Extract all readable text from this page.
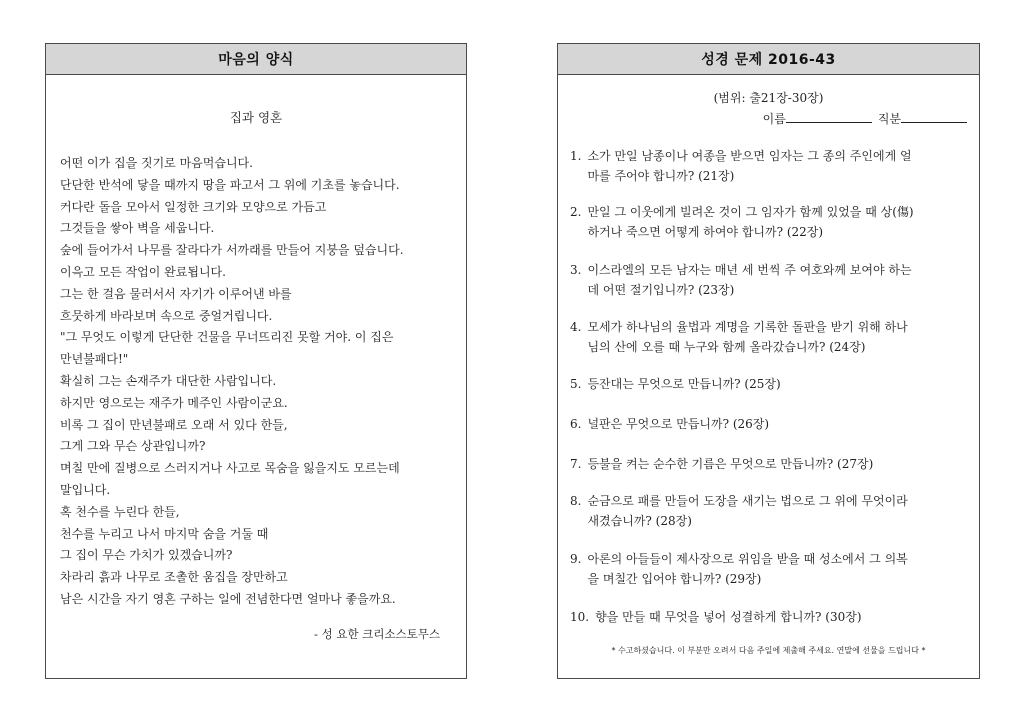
마음의 양식
집과 영혼
어떤 이가 집을 짓기로 마음먹습니다.
단단한 반석에 닿을 때까지 땅을 파고서 그 위에 기초를 놓습니다.
커다란 돌을 모아서 일정한 크기와 모양으로 가듬고
그것들을 쌓아 벽을 세웁니다.
숲에 들어가서 나무를 잘라다가 서까래를 만들어 지붕을 덮습니다.
이윽고 모든 작업이 완료됩니다.
그는 한 걸음 물러서서 자기가 이루어낸 바를
흐뭇하게 바라보며 속으로 중얼거립니다.
"그 무엇도 이렇게 단단한 건물을 무너뜨리진 못할 거야. 이 집은
만년불패다!"
확실히 그는 손재주가 대단한 사람입니다.
하지만 영으로는 재주가 메주인 사람이군요.
비록 그 집이 만년불패로 오래 서 있다 한들,
그게 그와 무슨 상관입니까?
며칠 만에 질병으로 스러지거나 사고로 목숨을 잃을지도 모르는데
말입니다.
혹 천수를 누린다 한들,
천수를 누리고 나서 마지막 숨을 거둘 때
그 집이 무슨 가치가 있겠습니까?
차라리 흙과 나무로 조촐한 움집을 장만하고
남은 시간을 자기 영혼 구하는 일에 전념한다면 얼마나 좋을까요.

- 성 요한 크리소스토무스

성경 문제 2016-43

(범위: 출21장-30장)

이름	직분

1. 소가 만일 남종이나 여종을 받으면 임자는 그 종의 주인에게 얼

마를 주어야 합니까? (21장)

2. 만일 그 이웃에게 빌려온 것이 그 임자가 함께 있었을 때 상(傷)

하거나 죽으면 어떻게 하여야 합니까? (22장)

3. 이스라엘의 모든 남자는 매년 세 번씩 주 여호와께 보여야 하는

데 어떤 절기입니까? (23장)

4. 모세가 하나님의 율법과 계명을 기록한 돌판을 받기 위해 하나

님의 산에 오를 때 누구와 함께 올라갔습니까? (24장)

5. 등잔대는 무엇으로 만듭니까? (25장)

6. 널판은 무엇으로 만듭니까? (26장)

7. 등불을 켜는 순수한 기름은 무엇으로 만듭니까? (27장)

8. 순금으로 패를 만들어 도장을 새기는 법으로 그 위에 무엇이라

새겼습니까? (28장)

9. 아론의 아들들이 제사장으로 위임을 받을 때 성소에서 그 의복

을 며칠간 입어야 합니까? (29장)

10. 향을 만들 때 무엇을 넣어 성결하게 합니까? (30장)

* 수고하셨습니다. 이 부분만 오려서 다음 주일에 제출해 주세요. 연말에 선물을 드립니다 *
